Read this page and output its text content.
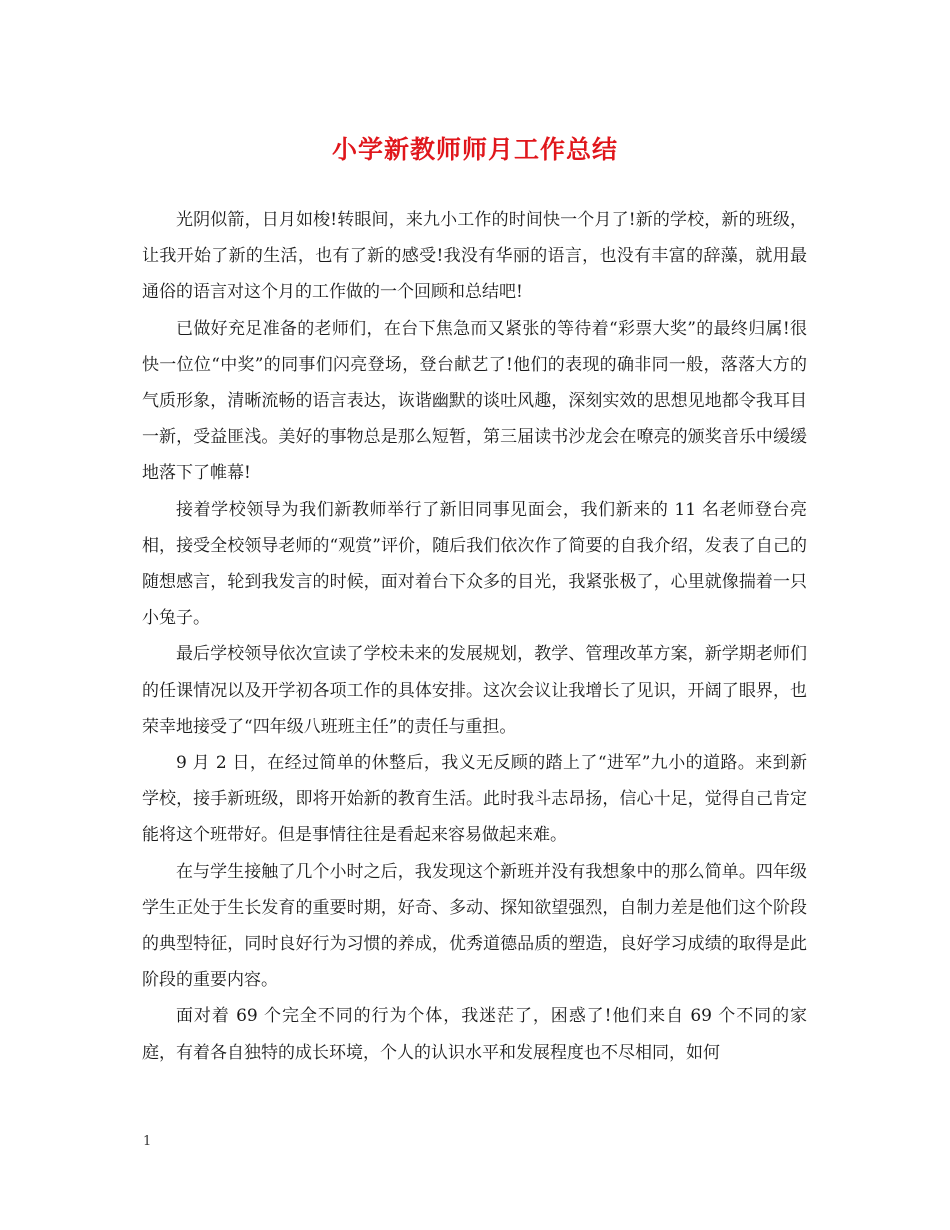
小学新教师师月工作总结

光阴似箭，日月如梭!转眼间，来九小工作的时间快一个月了!新的学校，新的班级，让我开始了新的生活，也有了新的感受!我没有华丽的语言，也没有丰富的辞藻，就用最通俗的语言对这个月的工作做的一个回顾和总结吧!

已做好充足准备的老师们，在台下焦急而又紧张的等待着“彩票大奖”的最终归属!很快一位位“中奖”的同事们闪亮登场，登台献艺了!他们的表现的确非同一般，落落大方的气质形象，清晰流畅的语言表达，诙谐幽默的谈吐风趣，深刻实效的思想见地都令我耳目一新，受益匪浅。美好的事物总是那么短暂，第三届读书沙龙会在嘹亮的颁奖音乐中缓缓地落下了帷幕!

接着学校领导为我们新教师举行了新旧同事见面会，我们新来的 11 名老师登台亮相，接受全校领导老师的“观赏”评价，随后我们依次作了简要的自我介绍，发表了自己的随想感言，轮到我发言的时候，面对着台下众多的目光，我紧张极了，心里就像揣着一只小兔子。

最后学校领导依次宣读了学校未来的发展规划，教学、管理改革方案，新学期老师们的任课情况以及开学初各项工作的具体安排。这次会议让我增长了见识，开阔了眼界，也荣幸地接受了“四年级八班班主任”的责任与重担。

9 月 2 日，在经过简单的休整后，我义无反顾的踏上了“进军”九小的道路。来到新学校，接手新班级，即将开始新的教育生活。此时我斗志昂扬，信心十足，觉得自己肯定能将这个班带好。但是事情往往是看起来容易做起来难。

在与学生接触了几个小时之后，我发现这个新班并没有我想象中的那么简单。四年级学生正处于生长发育的重要时期，好奇、多动、探知欲望强烈，自制力差是他们这个阶段的典型特征，同时良好行为习惯的养成，优秀道德品质的塑造，良好学习成绩的取得是此阶段的重要内容。

面对着 69 个完全不同的行为个体，我迷茫了，困惑了!他们来自 69 个不同的家庭，有着各自独特的成长环境，个人的认识水平和发展程度也不尽相同，如何

1
